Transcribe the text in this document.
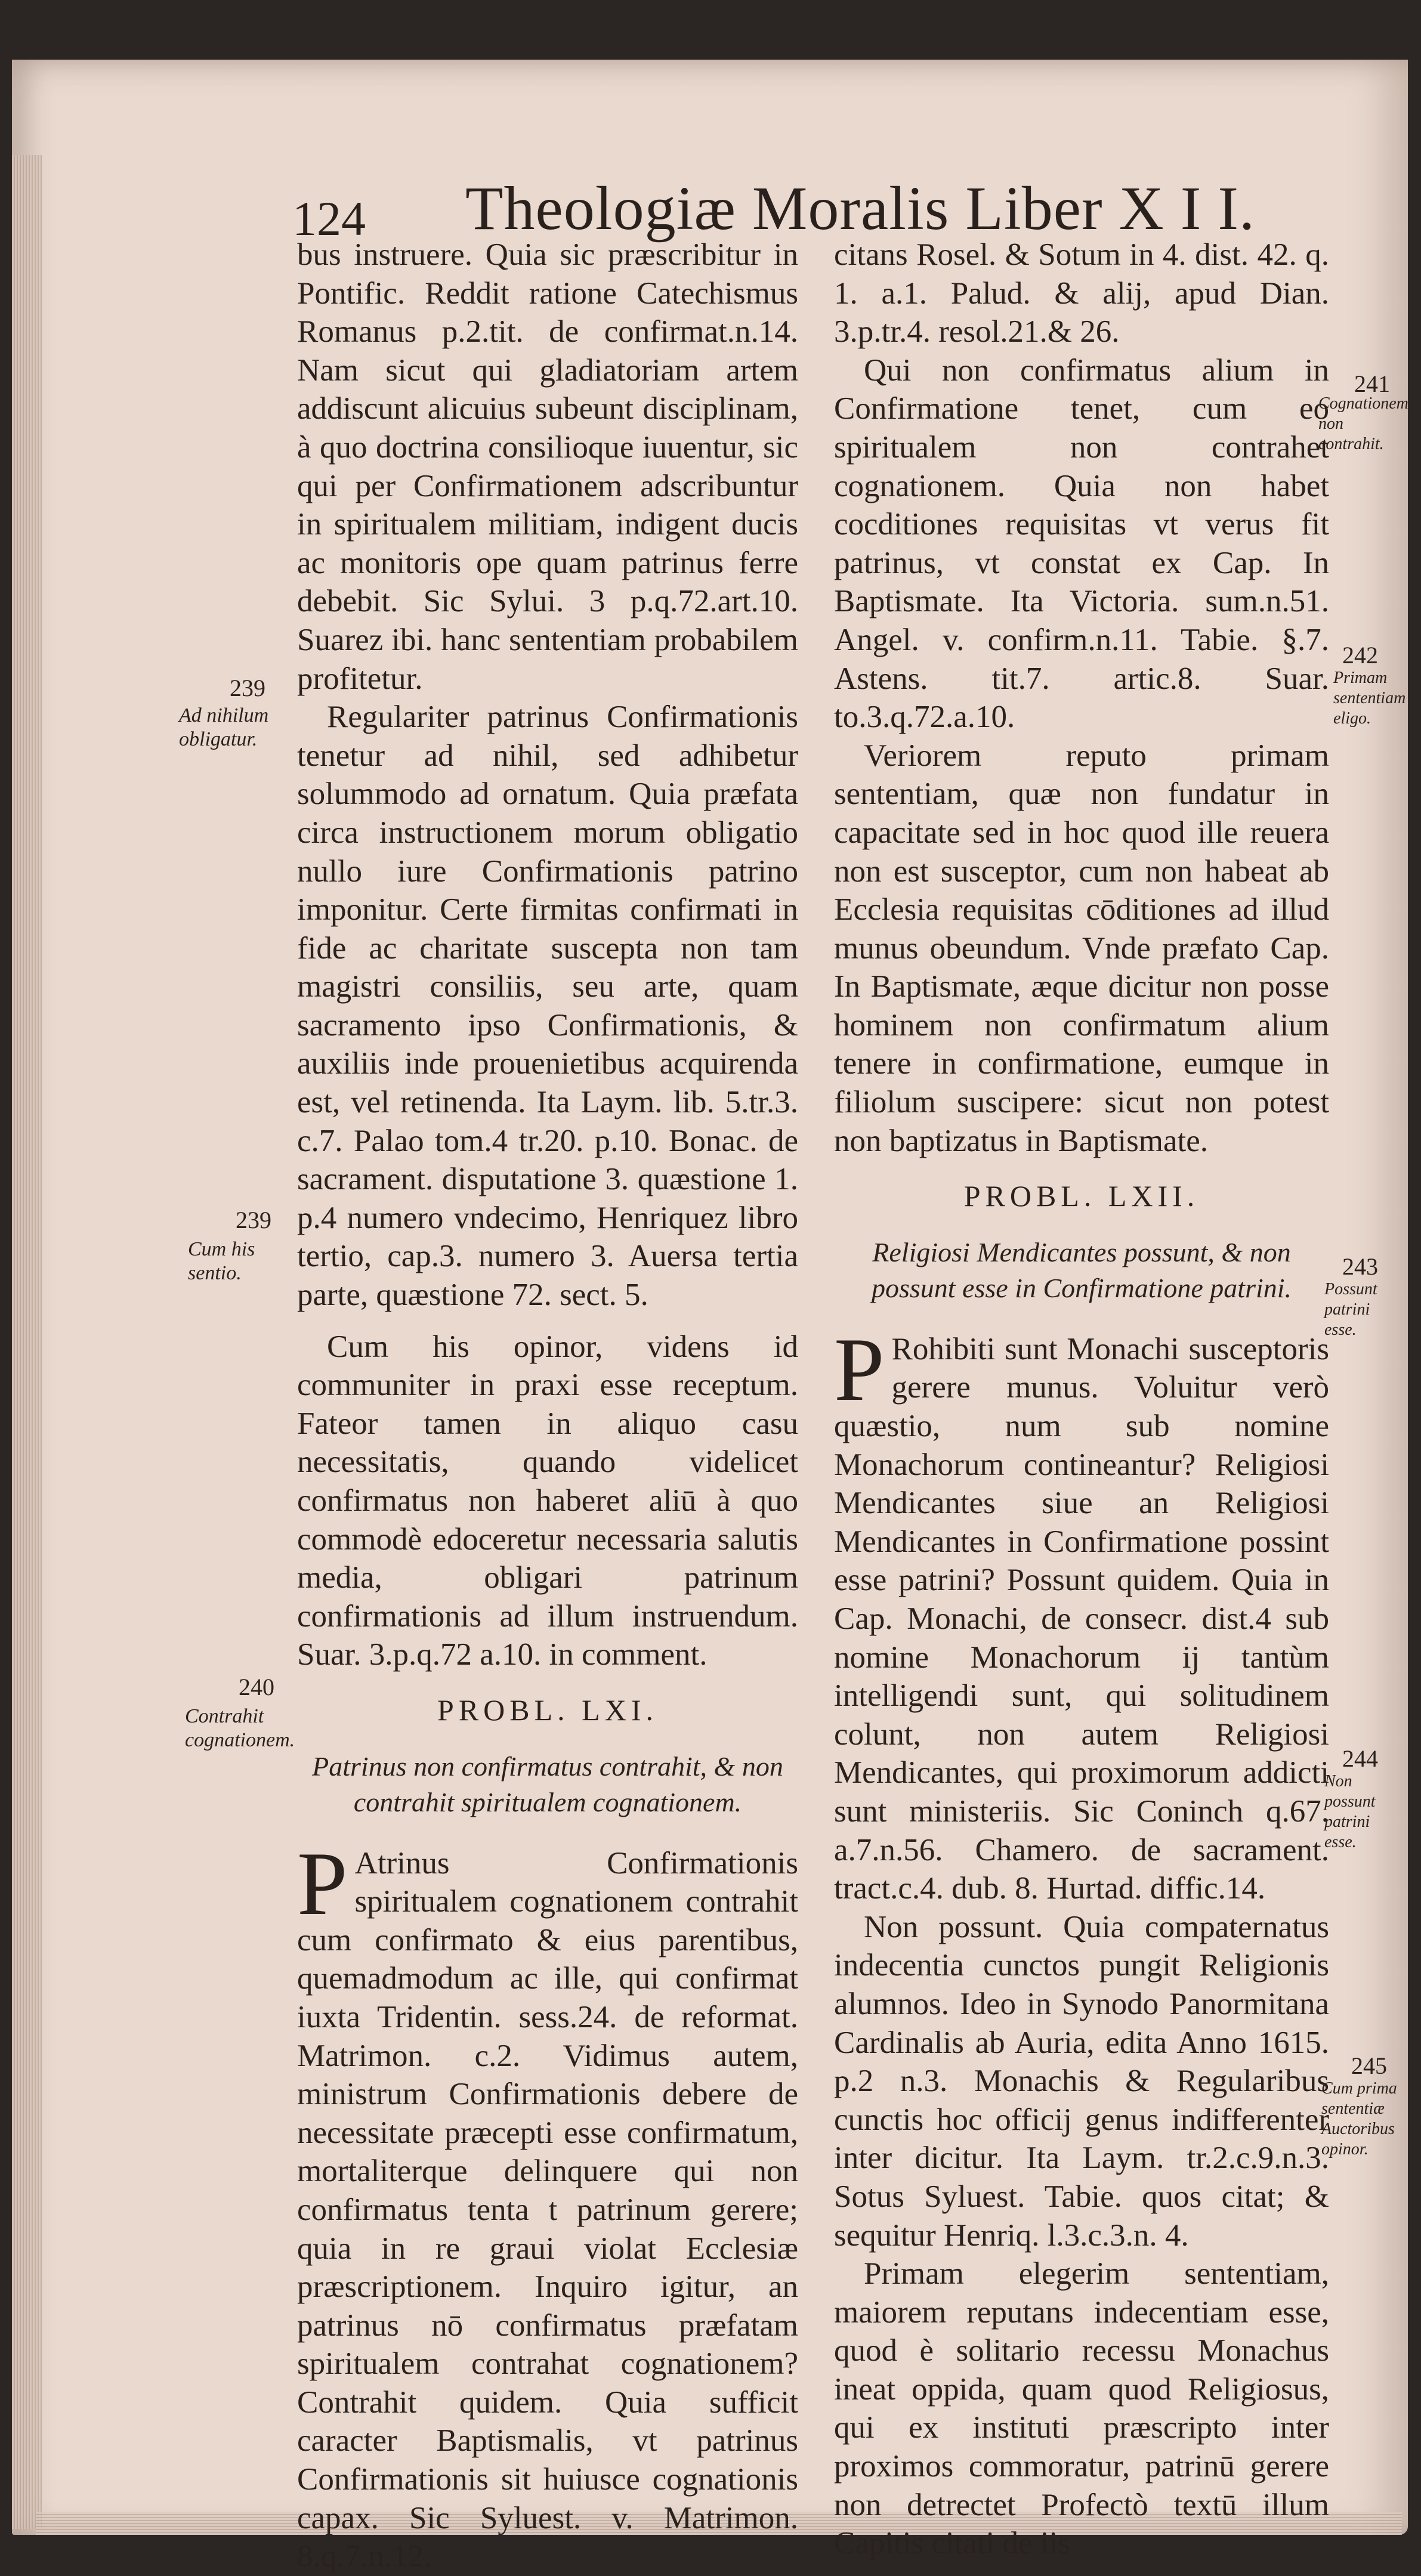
124 Theologiæ Moralis Liber X I I.

bus instruere. Quia sic præscribitur in Pontific. Reddit ratione Catechismus Romanus p.2.tit. de confirmat.n.14. Nam sicut qui gladiatoriam artem addiscunt alicuius subeunt disciplinam, à quo doctrina consilioque iuuentur, sic qui per Confirmationem adscribuntur in spiritualem militiam, indigent ducis ac monitoris ope quam patrinus ferre debebit. Sic Sylui. 3 p.q.72.art.10. Suarez ibi. hanc sententiam probabilem profitetur.

Regulariter patrinus Confirmationis tenetur ad nihil, sed adhibetur solummodo ad ornatum. Quia præfata circa instructionem morum obligatio nullo iure Confirmationis patrino imponitur. Certe firmitas confirmati in fide ac charitate suscepta non tam magistri consiliis, seu arte, quam sacramento ipso Confirmationis, & auxiliis inde prouenietibus acquirenda est, vel retinenda. Ita Laym. lib. 5.tr.3. c.7. Palao tom.4 tr.20. p.10. Bonac. de sacrament. disputatione 3. quæstione 1. p.4 numero vndecimo, Henriquez libro tertio, cap.3. numero 3. Auersa tertia parte, quæstione 72. sect. 5.

Cum his opinor, videns id communiter in praxi esse receptum. Fateor tamen in aliquo casu necessitatis, quando videlicet confirmatus non haberet aliū à quo commodè edoceretur necessaria salutis media, obligari patrinum confirmationis ad illum instruendum. Suar. 3.p.q.72 a.10. in comment.

PROBL. LXI.
Patrinus non confirmatus contrahit, & non contrahit spiritualem cognationem.

P Atrinus Confirmationis spiritualem cognationem contrahit cum confirmato & eius parentibus, quemadmodum ac ille, qui confirmat iuxta Tridentin. sess.24. de reformat. Matrimon. c.2. Vidimus autem, ministrum Confirmationis debere de necessitate præcepti esse confirmatum, mortaliterque delinquere qui non confirmatus tenta t patrinum gerere; quia in re graui violat Ecclesiæ præscriptionem. Inquiro igitur, an patrinus nō confirmatus præfatam spiritualem contrahat cognationem? Contrahit quidem. Quia sufficit caracter Baptismalis, vt patrinus Confirmationis sit huiusce cognationis capax. Sic Syluest. v. Matrimon. 8.q.7.n.12.

citans Rosel. & Sotum in 4. dist. 42. q. 1. a.1. Palud. & alij, apud Dian. 3.p.tr.4. resol.21.& 26.

Qui non confirmatus alium in Confirmatione tenet, cum eo spiritualem non contrahet cognationem. Quia non habet cocditiones requisitas vt verus fit patrinus, vt constat ex Cap. In Baptismate. Ita Victoria. sum.n.51. Angel. v. confirm.n.11. Tabie. §.7. Astens. tit.7. artic.8. Suar. to.3.q.72.a.10.

Veriorem reputo primam sententiam, quæ non fundatur in capacitate sed in hoc quod ille reuera non est susceptor, cum non habeat ab Ecclesia requisitas cōditiones ad illud munus obeundum. Vnde præfato Cap. In Baptismate, æque dicitur non posse hominem non confirmatum alium tenere in confirmatione, eumque in filiolum suscipere: sicut non potest non baptizatus in Baptismate.

PROBL. LXII.
Religiosi Mendicantes possunt, & non possunt esse in Confirmatione patrini.

P Rohibiti sunt Monachi susceptoris gerere munus. Voluitur verò quæstio, num sub nomine Monachorum contineantur? Religiosi Mendicantes siue an Religiosi Mendicantes in Confirmatione possint esse patrini? Possunt quidem. Quia in Cap. Monachi, de consecr. dist.4 sub nomine Monachorum ij tantùm intelligendi sunt, qui solitudinem colunt, non autem Religiosi Mendicantes, qui proximorum addicti sunt ministeriis. Sic Coninch q.67. a.7.n.56. Chamero. de sacrament. tract.c.4. dub. 8. Hurtad. diffic.14.

Non possunt. Quia compaternatus indecentia cunctos pungit Religionis alumnos. Ideo in Synodo Panormitana Cardinalis ab Auria, edita Anno 1615. p.2 n.3. Monachis & Regularibus cunctis hoc officij genus indifferenter inter dicitur. Ita Laym. tr.2.c.9.n.3. Sotus Syluest. Tabie. quos citat; & sequitur Henriq. l.3.c.3.n. 4.

Primam elegerim sententiam, maiorem reputans indecentiam esse, quod è solitario recessu Monachus ineat oppida, quam quod Religiosus, qui ex instituti præscripto inter proximos commoratur, patrinū gerere non detrectet Profectò textū illum Capitis citati de iis

239
Ad nihilum obligatur.
239
Cum his sentio.
240
Contrahit cognationem.
241
Cognationem non contrahit.
242
Primam sententiam eligo.
243
Possunt patrini esse.
244
Non possunt patrini esse.
245
Cum prima sententiæ Auctoribus opinor.
